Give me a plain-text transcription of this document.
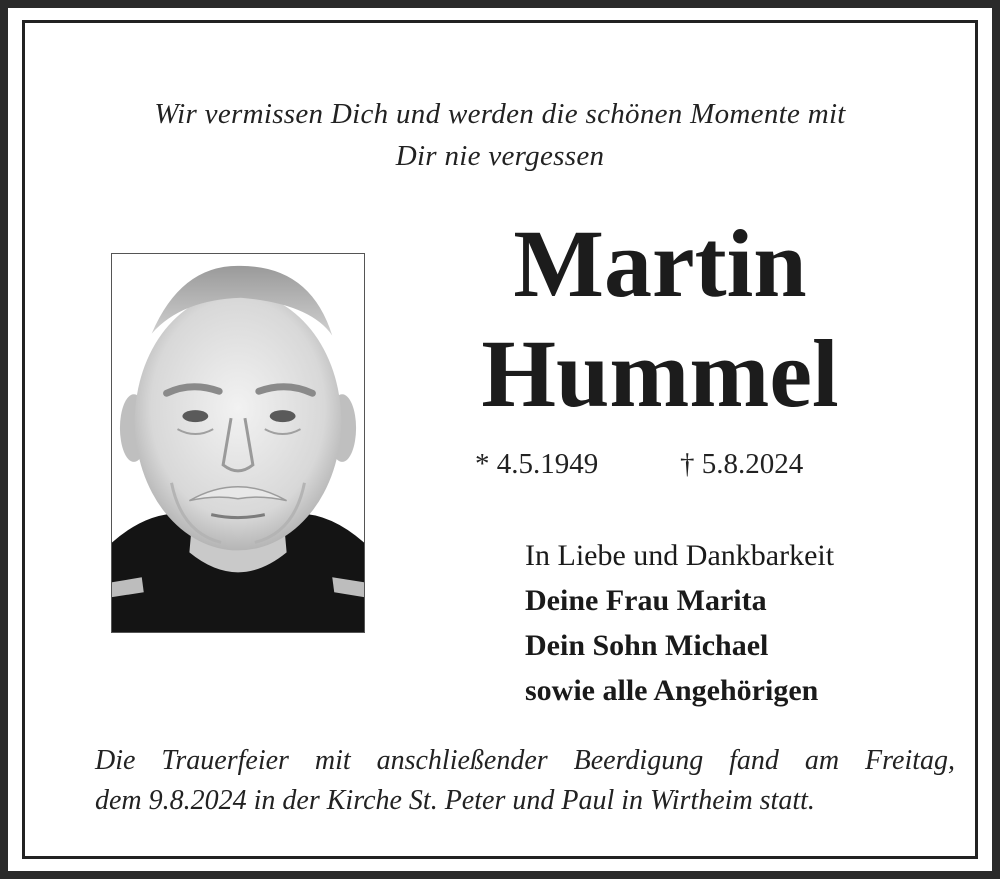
Wir vermissen Dich und werden die schönen Momente mit
Dir nie vergessen
Martin
Hummel
* 4.5.1949	† 5.8.2024
In Liebe und Dankbarkeit
Deine Frau Marita
Dein Sohn Michael
sowie alle Angehörigen
Die Trauerfeier mit anschließender Beerdigung fand am Freitag,
dem 9.8.2024 in der Kirche St. Peter und Paul in Wirtheim statt.
